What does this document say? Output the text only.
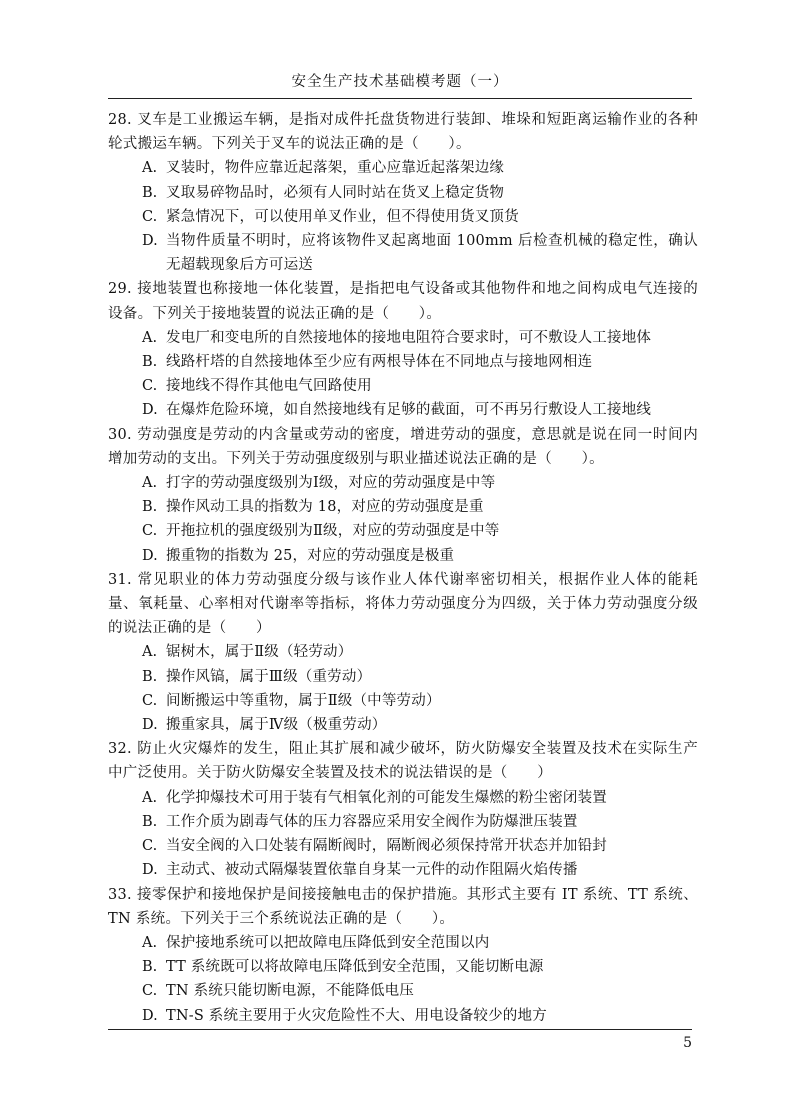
安全生产技术基础模考题（一）
28. 叉车是工业搬运车辆，是指对成件托盘货物进行装卸、堆垛和短距离运输作业的各种轮式搬运车辆。下列关于叉车的说法正确的是（　　）。
A. 叉装时，物件应靠近起落架，重心应靠近起落架边缘
B. 叉取易碎物品时，必须有人同时站在货叉上稳定货物
C. 紧急情况下，可以使用单叉作业，但不得使用货叉顶货
D. 当物件质量不明时，应将该物件叉起离地面 100mm 后检查机械的稳定性，确认无超载现象后方可运送
29. 接地装置也称接地一体化装置，是指把电气设备或其他物件和地之间构成电气连接的设备。下列关于接地装置的说法正确的是（　　）。
A. 发电厂和变电所的自然接地体的接地电阻符合要求时，可不敷设人工接地体
B. 线路杆塔的自然接地体至少应有两根导体在不同地点与接地网相连
C. 接地线不得作其他电气回路使用
D. 在爆炸危险环境，如自然接地线有足够的截面，可不再另行敷设人工接地线
30. 劳动强度是劳动的内含量或劳动的密度，增进劳动的强度，意思就是说在同一时间内增加劳动的支出。下列关于劳动强度级别与职业描述说法正确的是（　　）。
A. 打字的劳动强度级别为Ⅰ级，对应的劳动强度是中等
B. 操作风动工具的指数为 18，对应的劳动强度是重
C. 开拖拉机的强度级别为Ⅱ级，对应的劳动强度是中等
D. 搬重物的指数为 25，对应的劳动强度是极重
31. 常见职业的体力劳动强度分级与该作业人体代谢率密切相关，根据作业人体的能耗量、氧耗量、心率相对代谢率等指标，将体力劳动强度分为四级，关于体力劳动强度分级的说法正确的是（　　）
A. 锯树木，属于Ⅱ级（轻劳动）
B. 操作风镐，属于Ⅲ级（重劳动）
C. 间断搬运中等重物，属于Ⅱ级（中等劳动）
D. 搬重家具，属于Ⅳ级（极重劳动）
32. 防止火灾爆炸的发生，阻止其扩展和减少破坏，防火防爆安全装置及技术在实际生产中广泛使用。关于防火防爆安全装置及技术的说法错误的是（　　）
A. 化学抑爆技术可用于装有气相氧化剂的可能发生爆燃的粉尘密闭装置
B. 工作介质为剧毒气体的压力容器应采用安全阀作为防爆泄压装置
C. 当安全阀的入口处装有隔断阀时，隔断阀必须保持常开状态并加铅封
D. 主动式、被动式隔爆装置依靠自身某一元件的动作阻隔火焰传播
33. 接零保护和接地保护是间接接触电击的保护措施。其形式主要有 IT 系统、TT 系统、TN 系统。下列关于三个系统说法正确的是（　　）。
A. 保护接地系统可以把故障电压降低到安全范围以内
B. TT 系统既可以将故障电压降低到安全范围，又能切断电源
C. TN 系统只能切断电源，不能降低电压
D. TN-S 系统主要用于火灾危险性不大、用电设备较少的地方
5
